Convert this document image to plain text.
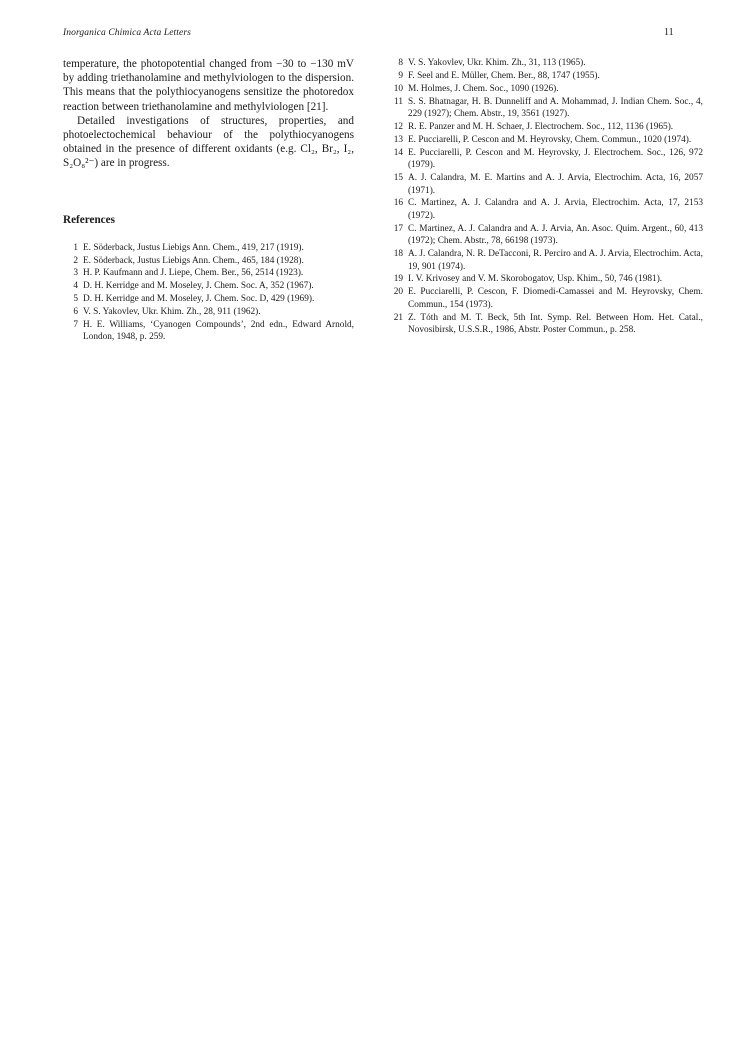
Inorganica Chimica Acta Letters	11

temperature, the photopotential changed from −30 to −130 mV by adding triethanolamine and methylviologen to the dispersion. This means that the polythiocyanogens sensitize the photoredox reaction between triethanolamine and methylviologen [21].

Detailed investigations of structures, properties, and photoelectochemical behaviour of the polythiocyanogens obtained in the presence of different oxidants (e.g. Cl₂, Br₂, I₂, S₂O₈²⁻) are in progress.

References
1 E. Söderback, Justus Liebigs Ann. Chem., 419, 217 (1919).
2 E. Söderback, Justus Liebigs Ann. Chem., 465, 184 (1928).
3 H. P. Kaufmann and J. Liepe, Chem. Ber., 56, 2514 (1923).
4 D. H. Kerridge and M. Moseley, J. Chem. Soc. A, 352 (1967).
5 D. H. Kerridge and M. Moseley, J. Chem. Soc. D, 429 (1969).
6 V. S. Yakovlev, Ukr. Khim. Zh., 28, 911 (1962).
7 H. E. Williams, ‘Cyanogen Compounds’, 2nd edn., Edward Arnold, London, 1948, p. 259.
8 V. S. Yakovlev, Ukr. Khim. Zh., 31, 113 (1965).
9 F. Seel and E. Müller, Chem. Ber., 88, 1747 (1955).
10 M. Holmes, J. Chem. Soc., 1090 (1926).
11 S. S. Bhatnagar, H. B. Dunneliff and A. Mohammad, J. Indian Chem. Soc., 4, 229 (1927); Chem. Abstr., 19, 3561 (1927).
12 R. E. Panzer and M. H. Schaer, J. Electrochem. Soc., 112, 1136 (1965).
13 E. Pucciarelli, P. Cescon and M. Heyrovsky, Chem. Commun., 1020 (1974).
14 E. Pucciarelli, P. Cescon and M. Heyrovsky, J. Electrochem. Soc., 126, 972 (1979).
15 A. J. Calandra, M. E. Martins and A. J. Arvia, Electrochim. Acta, 16, 2057 (1971).
16 C. Martinez, A. J. Calandra and A. J. Arvia, Electrochim. Acta, 17, 2153 (1972).
17 C. Martinez, A. J. Calandra and A. J. Arvia, An. Asoc. Quim. Argent., 60, 413 (1972); Chem. Abstr., 78, 66198 (1973).
18 A. J. Calandra, N. R. DeTacconi, R. Perciro and A. J. Arvia, Electrochim. Acta, 19, 901 (1974).
19 I. V. Krivosey and V. M. Skorobogatov, Usp. Khim., 50, 746 (1981).
20 E. Pucciarelli, P. Cescon, F. Diomedi-Camassei and M. Heyrovsky, Chem. Commun., 154 (1973).
21 Z. Tóth and M. T. Beck, 5th Int. Symp. Rel. Between Hom. Het. Catal., Novosibirsk, U.S.S.R., 1986, Abstr. Poster Commun., p. 258.
